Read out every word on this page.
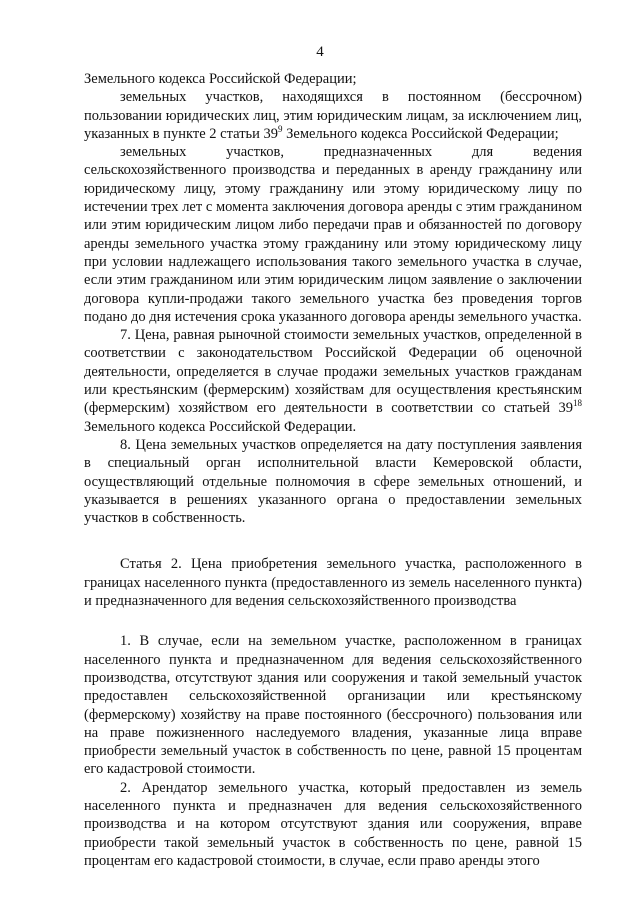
4

Земельного кодекса Российской Федерации;

земельных участков, находящихся в постоянном (бессрочном) пользовании юридических лиц, этим юридическим лицам, за исключением лиц, указанных в пункте 2 статьи $39^9$ Земельного кодекса Российской Федерации;

земельных участков, предназначенных для ведения сельскохозяйственного производства и переданных в аренду гражданину или юридическому лицу, этому гражданину или этому юридическому лицу по истечении трех лет с момента заключения договора аренды с этим гражданином или этим юридическим лицом либо передачи прав и обязанностей по договору аренды земельного участка этому гражданину или этому юридическому лицу при условии надлежащего использования такого земельного участка в случае, если этим гражданином или этим юридическим лицом заявление о заключении договора купли-продажи такого земельного участка без проведения торгов подано до дня истечения срока указанного договора аренды земельного участка.

7. Цена, равная рыночной стоимости земельных участков, определенной в соответствии с законодательством Российской Федерации об оценочной деятельности, определяется в случае продажи земельных участков гражданам или крестьянским (фермерским) хозяйствам для осуществления крестьянским (фермерским) хозяйством его деятельности в соответствии со статьей $39^{18}$ Земельного кодекса Российской Федерации.

8. Цена земельных участков определяется на дату поступления заявления в специальный орган исполнительной власти Кемеровской области, осуществляющий отдельные полномочия в сфере земельных отношений, и указывается в решениях указанного органа о предоставлении земельных участков в собственность.

Статья 2. Цена приобретения земельного участка, расположенного в границах населенного пункта (предоставленного из земель населенного пункта) и предназначенного для ведения сельскохозяйственного производства

1. В случае, если на земельном участке, расположенном в границах населенного пункта и предназначенном для ведения сельскохозяйственного производства, отсутствуют здания или сооружения и такой земельный участок предоставлен сельскохозяйственной организации или крестьянскому (фермерскому) хозяйству на праве постоянного (бессрочного) пользования или на праве пожизненного наследуемого владения, указанные лица вправе приобрести земельный участок в собственность по цене, равной 15 процентам его кадастровой стоимости.

2. Арендатор земельного участка, который предоставлен из земель населенного пункта и предназначен для ведения сельскохозяйственного производства и на котором отсутствуют здания или сооружения, вправе приобрести такой земельный участок в собственность по цене, равной 15 процентам его кадастровой стоимости, в случае, если право аренды этого
